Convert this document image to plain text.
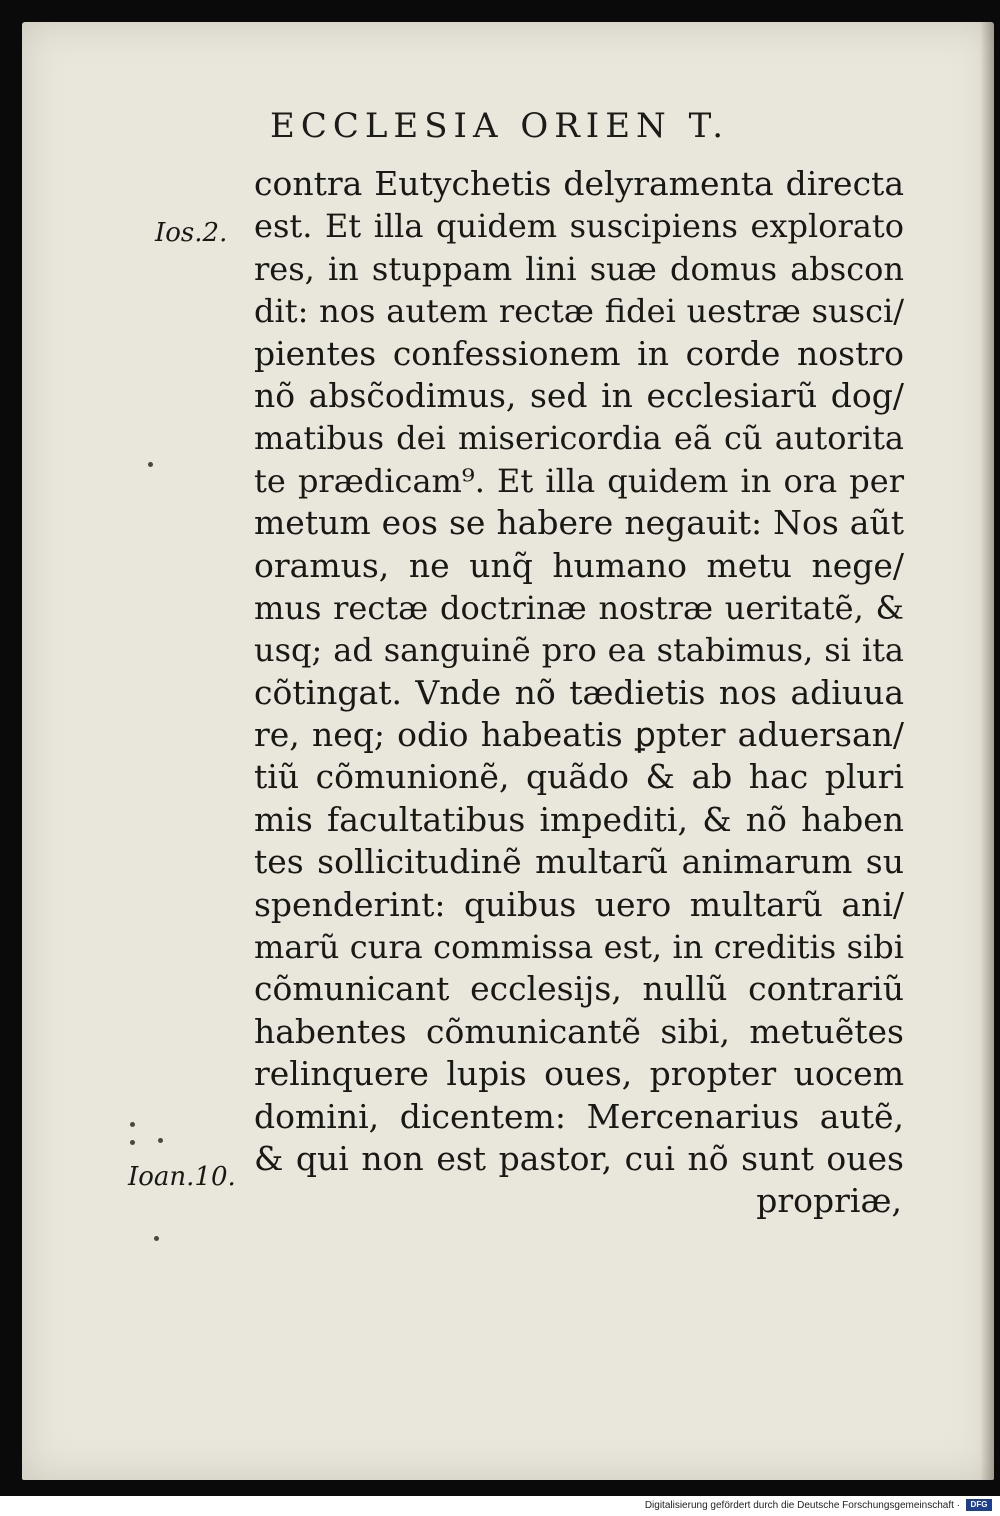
ECCLESIA ORIEN T.
Ios.2.
Ioan.10.
contra Eutychetis delyramenta directa
est. Et illa quidem suscipiens explorato
res, in stuppam lini suæ domus abscon
dit: nos autem rectæ fidei uestræ susci/
pientes confessionem in corde nostro
nõ absc̃odimus, sed in ecclesiarũ dog/
matibus dei misericordia eã cũ autorita
te prædicam⁹. Et illa quidem in ora per
metum eos se habere negauit: Nos aũt
oramus, ne unq̃ humano metu nege/
mus rectæ doctrinæ nostræ ueritatẽ, &
usq; ad sanguinẽ pro ea stabimus, si ita
cõtingat. Vnde nõ tædietis nos adiuua
re, neq; odio habeatis ꝑpter aduersan/
tiũ cõmunionẽ, quãdo & ab hac pluri
mis facultatibus impediti, & nõ haben
tes sollicitudinẽ multarũ animarum su
spenderint: quibus uero multarũ ani/
marũ cura commissa est, in creditis sibi
cõmunicant ecclesijs, nullũ contrariũ
habentes cõmunicantẽ sibi, metuẽtes
relinquere lupis oues, propter uocem
domini, dicentem: Mercenarius autẽ,
& qui non est pastor, cui nõ sunt oues
propriæ,
Digitalisierung gefördert durch die Deutsche Forschungsgemeinschaft ·	DFG
